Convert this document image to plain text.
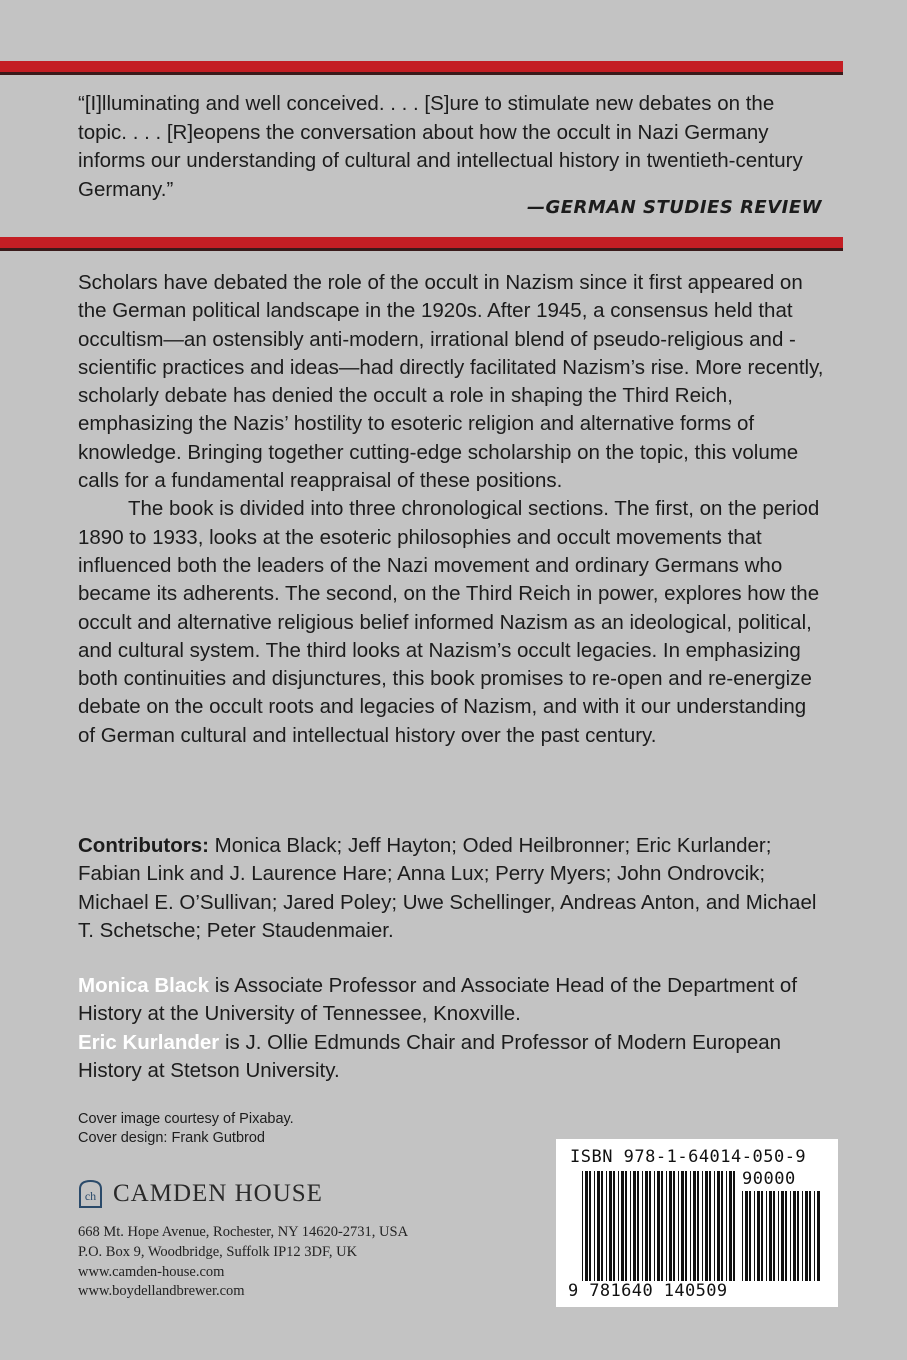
“[I]lluminating and well conceived. . . . [S]ure to stimulate new debates on the topic. . . . [R]eopens the conversation about how the occult in Nazi Germany informs our understanding of cultural and intellectual history in twentieth-century Germany.”

—GERMAN STUDIES REVIEW

Scholars have debated the role of the occult in Nazism since it first appeared on the German political landscape in the 1920s. After 1945, a consensus held that occultism—an ostensibly anti-modern, irrational blend of pseudo-religious and -scientific practices and ideas—had directly facilitated Nazism’s rise. More recently, scholarly debate has denied the occult a role in shaping the Third Reich, emphasizing the Nazis’ hostility to esoteric religion and alternative forms of knowledge. Bringing together cutting-edge scholarship on the topic, this volume calls for a fundamental reappraisal of these positions.

The book is divided into three chronological sections. The first, on the period 1890 to 1933, looks at the esoteric philosophies and occult movements that influenced both the leaders of the Nazi movement and ordinary Germans who became its adherents. The second, on the Third Reich in power, explores how the occult and alternative religious belief informed Nazism as an ideological, political, and cultural system. The third looks at Nazism’s occult legacies. In emphasizing both continuities and disjunctures, this book promises to re-open and re-energize debate on the occult roots and legacies of Nazism, and with it our understanding of German cultural and intellectual history over the past century.

Contributors: Monica Black; Jeff Hayton; Oded Heilbronner; Eric Kurlander; Fabian Link and J. Laurence Hare; Anna Lux; Perry Myers; John Ondrovcik; Michael E. O’Sullivan; Jared Poley; Uwe Schellinger, Andreas Anton, and Michael T. Schetsche; Peter Staudenmaier.

Monica Black is Associate Professor and Associate Head of the Department of History at the University of Tennessee, Knoxville.

Eric Kurlander is J. Ollie Edmunds Chair and Professor of Modern European History at Stetson University.

Cover image courtesy of Pixabay.
Cover design: Frank Gutbrod
ch CAMDEN HOUSE
668 Mt. Hope Avenue, Rochester, NY 14620-2731, USA
P.O. Box 9, Woodbridge, Suffolk IP12 3DF, UK
www.camden-house.com
www.boydellandbrewer.com
ISBN 978-1-64014-050-9
90000
9 781640 140509
